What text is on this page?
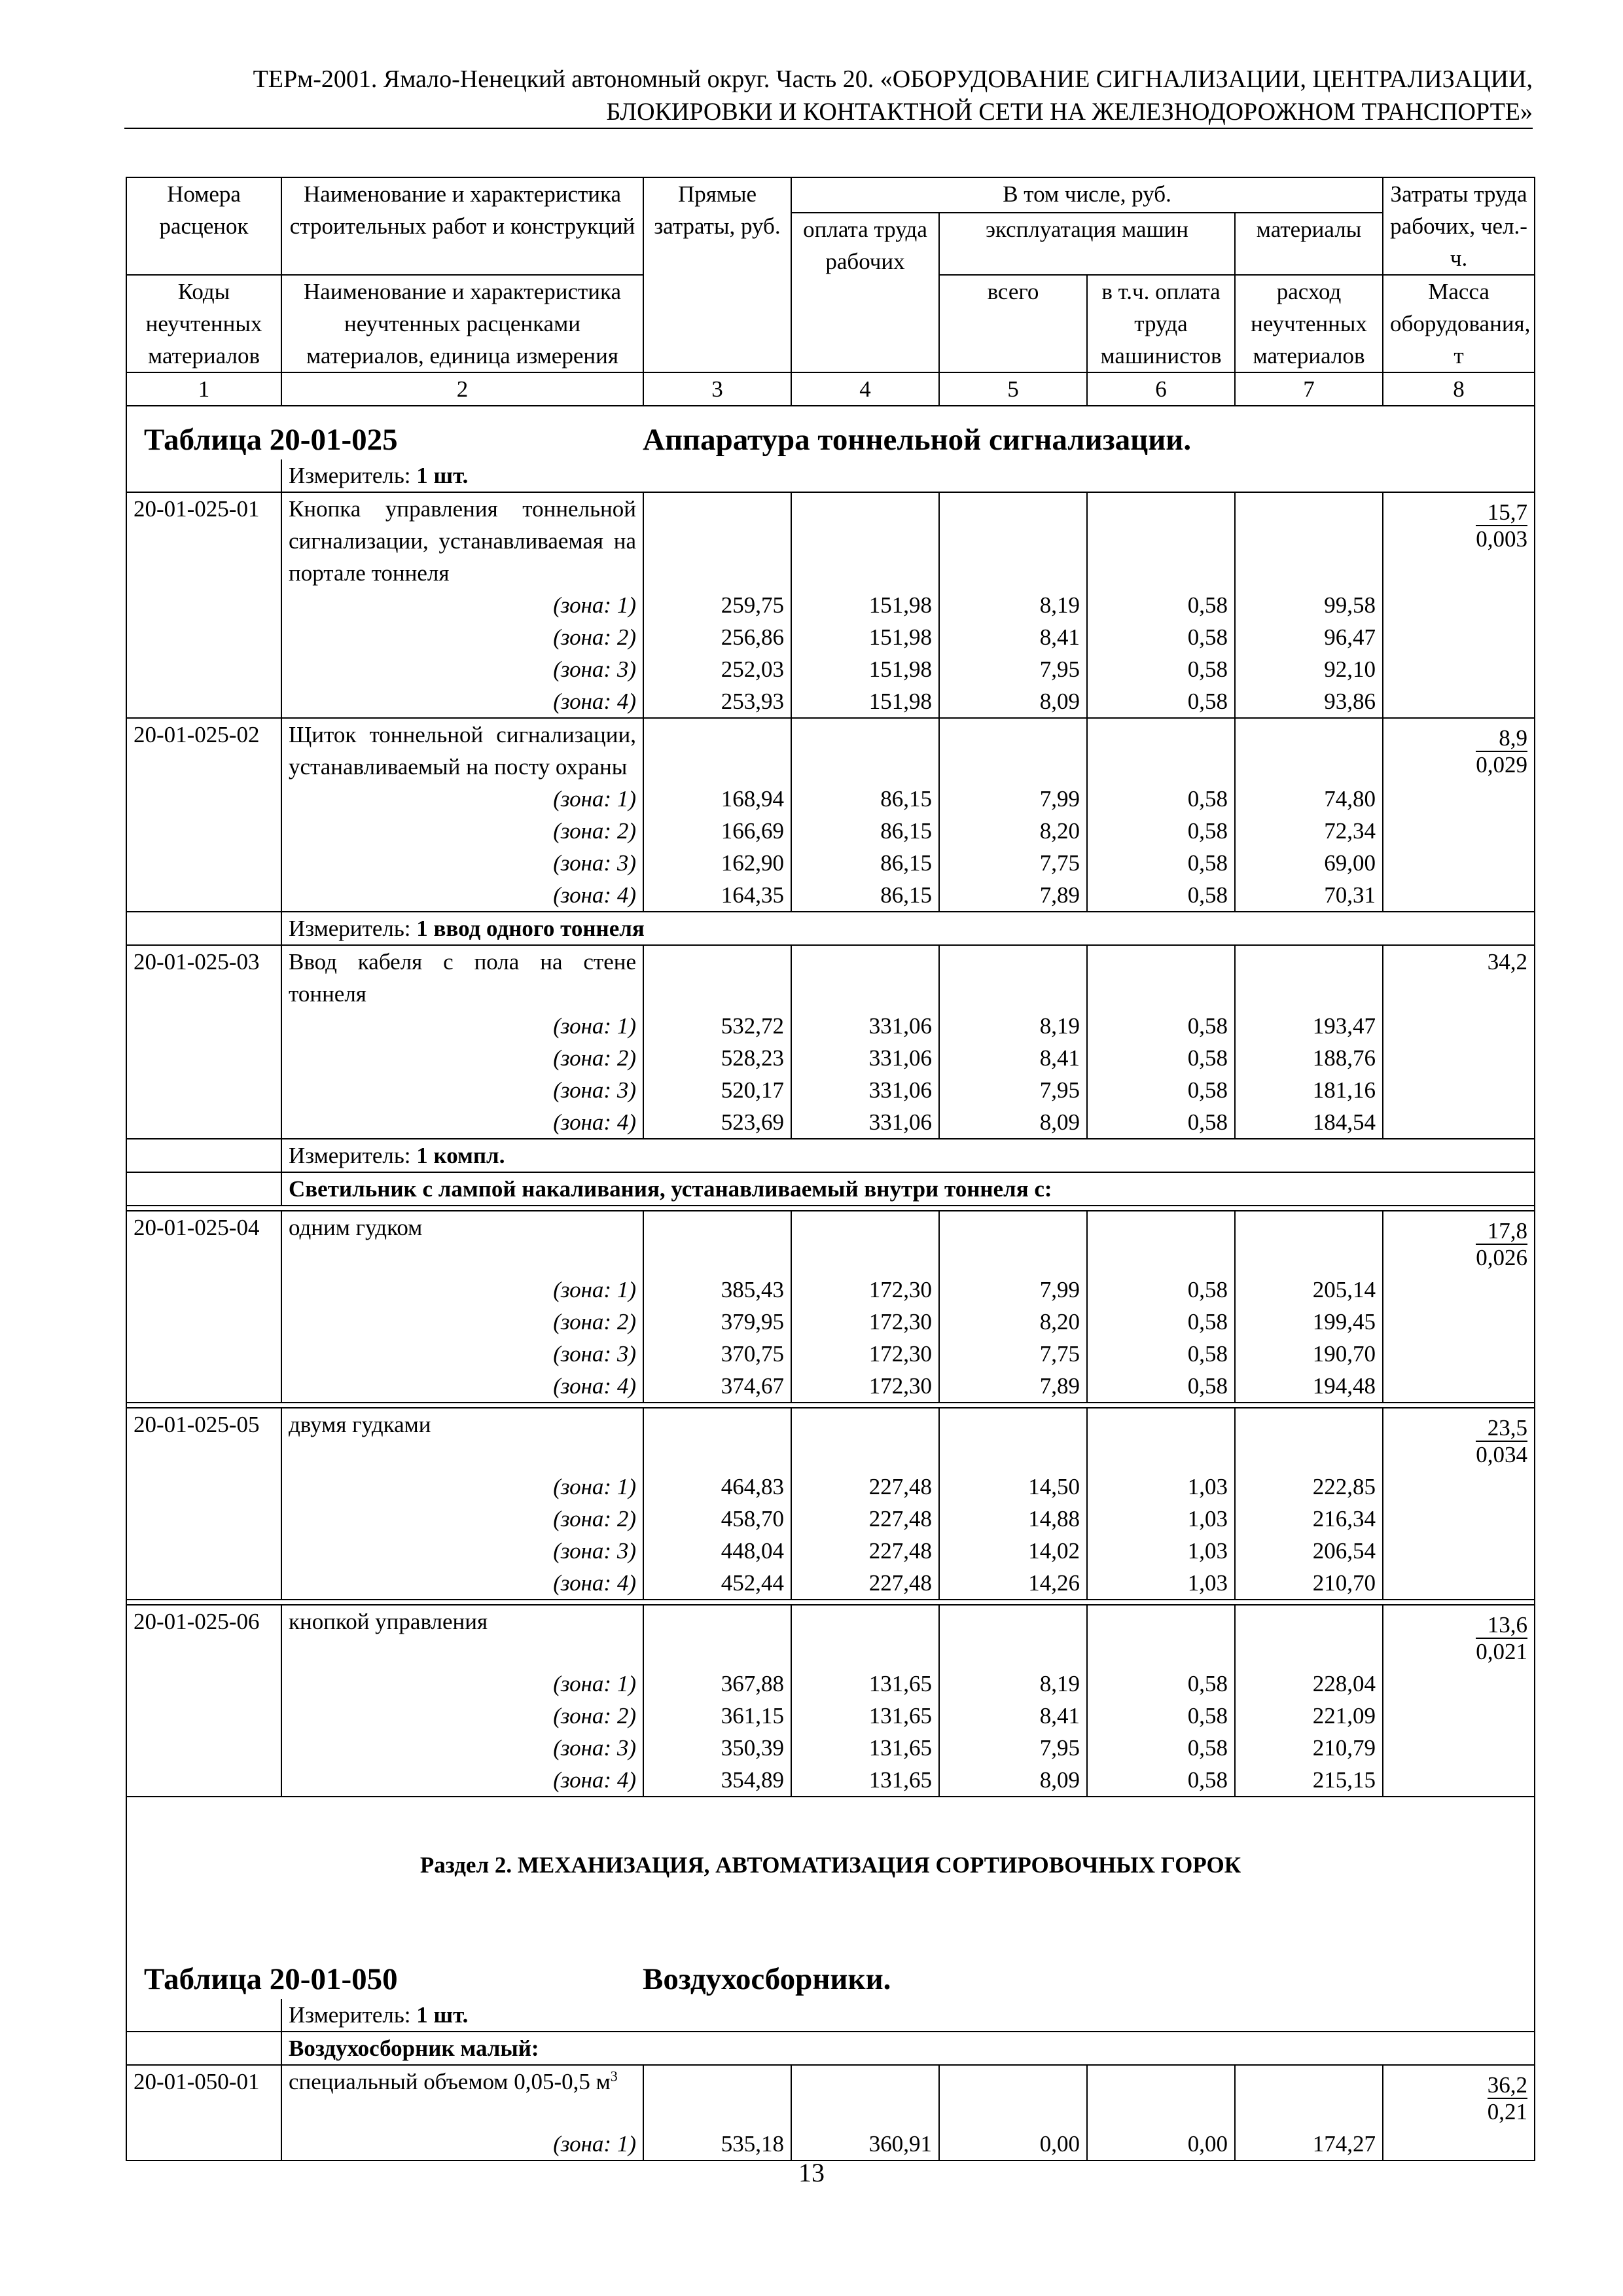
ТЕРм-2001. Ямало-Ненецкий автономный округ. Часть 20. «ОБОРУДОВАНИЕ СИГНАЛИЗАЦИИ, ЦЕНТРАЛИЗАЦИИ,
БЛОКИРОВКИ И КОНТАКТНОЙ СЕТИ НА ЖЕЛЕЗНОДОРОЖНОМ ТРАНСПОРТЕ»
Номера расценок	Наименование и характеристика строительных работ и конструкций	Прямые затраты, руб.	В том числе, руб.				Затраты труда рабочих, чел.-ч.
			оплата труда рабочих	эксплуатация машин		материалы	
Коды неучтенных материалов	Наименование и характеристика неучтенных расценками материалов, единица измерения			всего	в т.ч. оплата труда машинистов	расход неучтенных материалов	Масса оборудования, т
1	2	3	4	5	6	7	8

Таблица 20-01-025 Аппаратура тоннельной сигнализации.							

	Измеритель: 1 шт.						
20-01-025-01	Кнопка управления тоннельной сигнализации, устанавливаемая на портале тоннеля						$\frac{15,7}{0,003}$

	(зона: 1)	259,75	151,98	8,19	0,58	99,58	
	(зона: 2)	256,86	151,98	8,41	0,58	96,47	
	(зона: 3)	252,03	151,98	7,95	0,58	92,10	
	(зона: 4)	253,93	151,98	8,09	0,58	93,86	
20-01-025-02	Щиток тоннельной сигнализации, устанавливаемый на посту охраны						$\frac{8,9}{0,029}$

	(зона: 1)	168,94	86,15	7,99	0,58	74,80	
	(зона: 2)	166,69	86,15	8,20	0,58	72,34	
	(зона: 3)	162,90	86,15	7,75	0,58	69,00	
	(зона: 4)	164,35	86,15	7,89	0,58	70,31	
	Измеритель: 1 ввод одного тоннеля						
20-01-025-03	Ввод кабеля с пола на стене тоннеля						34,2
	(зона: 1)	532,72	331,06	8,19	0,58	193,47	
	(зона: 2)	528,23	331,06	8,41	0,58	188,76	
	(зона: 3)	520,17	331,06	7,95	0,58	181,16	
	(зона: 4)	523,69	331,06	8,09	0,58	184,54	
	Измеритель: 1 компл.						
	Светильник с лампой накаливания, устанавливаемый внутри тоннеля с:						

20-01-025-04	одним гудком						$\frac{17,8}{0,026}$

	(зона: 1)	385,43	172,30	7,99	0,58	205,14	
	(зона: 2)	379,95	172,30	8,20	0,58	199,45	
	(зона: 3)	370,75	172,30	7,75	0,58	190,70	
	(зона: 4)	374,67	172,30	7,89	0,58	194,48	

20-01-025-05	двумя гудками						$\frac{23,5}{0,034}$

	(зона: 1)	464,83	227,48	14,50	1,03	222,85	
	(зона: 2)	458,70	227,48	14,88	1,03	216,34	
	(зона: 3)	448,04	227,48	14,02	1,03	206,54	
	(зона: 4)	452,44	227,48	14,26	1,03	210,70	

20-01-025-06	кнопкой управления						$\frac{13,6}{0,021}$

	(зона: 1)	367,88	131,65	8,19	0,58	228,04	
	(зона: 2)	361,15	131,65	8,41	0,58	221,09	
	(зона: 3)	350,39	131,65	7,95	0,58	210,79	
	(зона: 4)	354,89	131,65	8,09	0,58	215,15	

Раздел 2. МЕХАНИЗАЦИЯ, АВТОМАТИЗАЦИЯ СОРТИРОВОЧНЫХ ГОРОК							

Таблица 20-01-050 Воздухосборники.							

	Измеритель: 1 шт.						
	Воздухосборник малый:						
20-01-050-01	специальный объемом 0,05-0,5 $м^3$						$\frac{36,2}{0,21}$

	(зона: 1)	535,18	360,91	0,00	0,00	174,27	
13
